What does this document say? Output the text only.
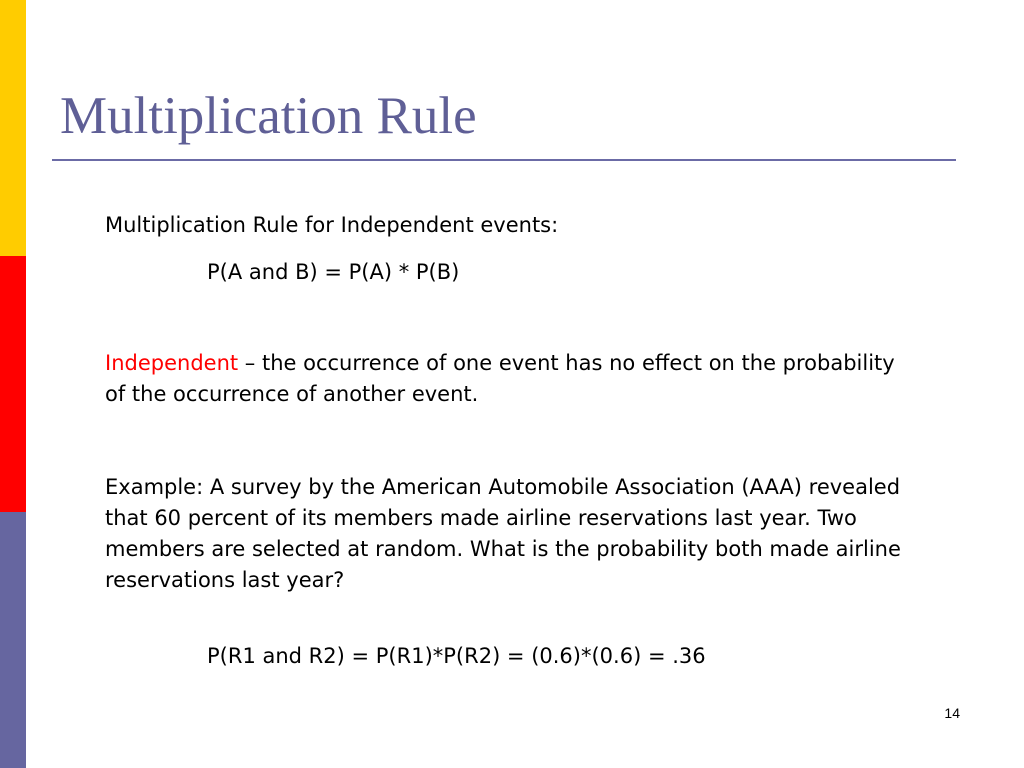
Multiplication Rule

Multiplication Rule for Independent events:

P(A and B) = P(A) * P(B)

Independent – the occurrence of one event has no effect on the probability of the occurrence of another event.

Example: A survey by the American Automobile Association (AAA) revealed that 60 percent of its members made airline reservations last year. Two members are selected at random. What is the probability both made airline reservations last year?

P(R1 and R2) = P(R1)*P(R2) = (0.6)*(0.6) = .36

14
